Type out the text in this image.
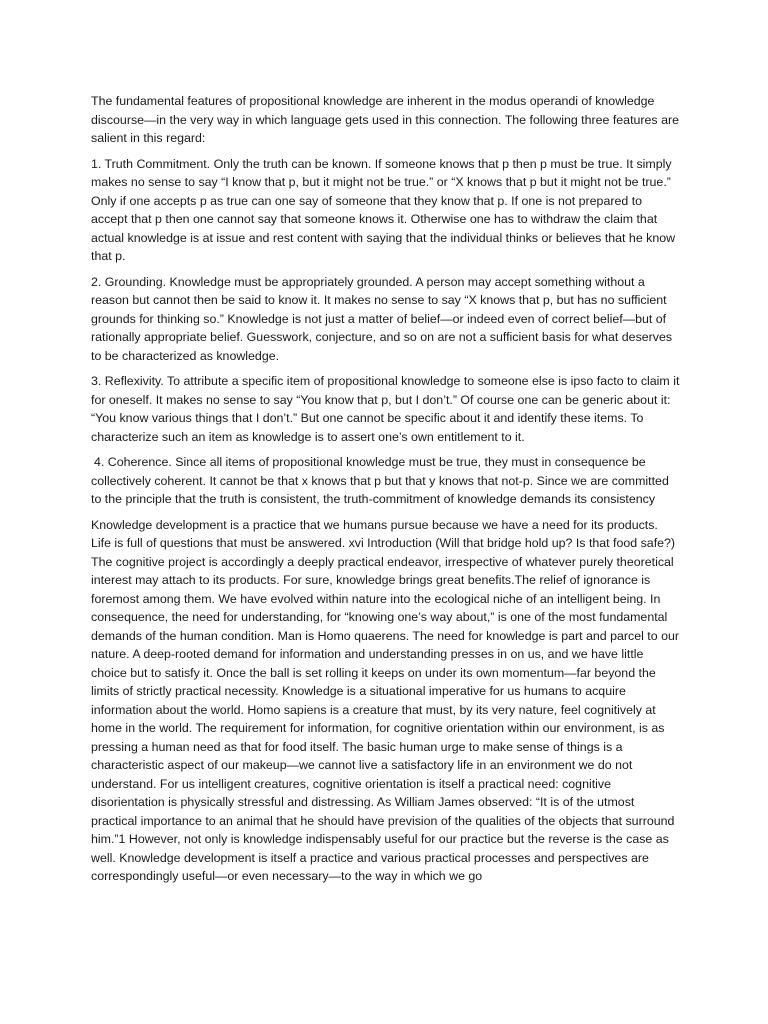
The fundamental features of propositional knowledge are inherent in the modus operandi of knowledge discourse—in the very way in which language gets used in this connection. The following three features are salient in this regard:

1. Truth Commitment. Only the truth can be known. If someone knows that p then p must be true. It simply makes no sense to say “I know that p, but it might not be true.” or “X knows that p but it might not be true.” Only if one accepts p as true can one say of someone that they know that p. If one is not prepared to accept that p then one cannot say that someone knows it. Otherwise one has to withdraw the claim that actual knowledge is at issue and rest content with saying that the individual thinks or believes that he know that p.

2. Grounding. Knowledge must be appropriately grounded. A person may accept something without a reason but cannot then be said to know it. It makes no sense to say “X knows that p, but has no sufficient grounds for thinking so.” Knowledge is not just a matter of belief—or indeed even of correct belief—but of rationally appropriate belief. Guesswork, conjecture, and so on are not a sufficient basis for what deserves to be characterized as knowledge.

3. Reflexivity. To attribute a specific item of propositional knowledge to someone else is ipso facto to claim it for oneself. It makes no sense to say “You know that p, but I don’t.” Of course one can be generic about it: “You know various things that I don’t.” But one cannot be specific about it and identify these items. To characterize such an item as knowledge is to assert one’s own entitlement to it.

4. Coherence. Since all items of propositional knowledge must be true, they must in consequence be collectively coherent. It cannot be that x knows that p but that y knows that not-p. Since we are committed to the principle that the truth is consistent, the truth-commitment of knowledge demands its consistency

Knowledge development is a practice that we humans pursue because we have a need for its products. Life is full of questions that must be answered. xvi Introduction (Will that bridge hold up? Is that food safe?) The cognitive project is accordingly a deeply practical endeavor, irrespective of whatever purely theoretical interest may attach to its products. For sure, knowledge brings great benefits.The relief of ignorance is foremost among them. We have evolved within nature into the ecological niche of an intelligent being. In consequence, the need for understanding, for “knowing one’s way about,” is one of the most fundamental demands of the human condition. Man is Homo quaerens. The need for knowledge is part and parcel to our nature. A deep-rooted demand for information and understanding presses in on us, and we have little choice but to satisfy it. Once the ball is set rolling it keeps on under its own momentum—far beyond the limits of strictly practical necessity. Knowledge is a situational imperative for us humans to acquire information about the world. Homo sapiens is a creature that must, by its very nature, feel cognitively at home in the world. The requirement for information, for cognitive orientation within our environment, is as pressing a human need as that for food itself. The basic human urge to make sense of things is a characteristic aspect of our makeup—we cannot live a satisfactory life in an environment we do not understand. For us intelligent creatures, cognitive orientation is itself a practical need: cognitive disorientation is physically stressful and distressing. As William James observed: “It is of the utmost practical importance to an animal that he should have prevision of the qualities of the objects that surround him.”1 However, not only is knowledge indispensably useful for our practice but the reverse is the case as well. Knowledge development is itself a practice and various practical processes and perspectives are correspondingly useful—or even necessary—to the way in which we go
